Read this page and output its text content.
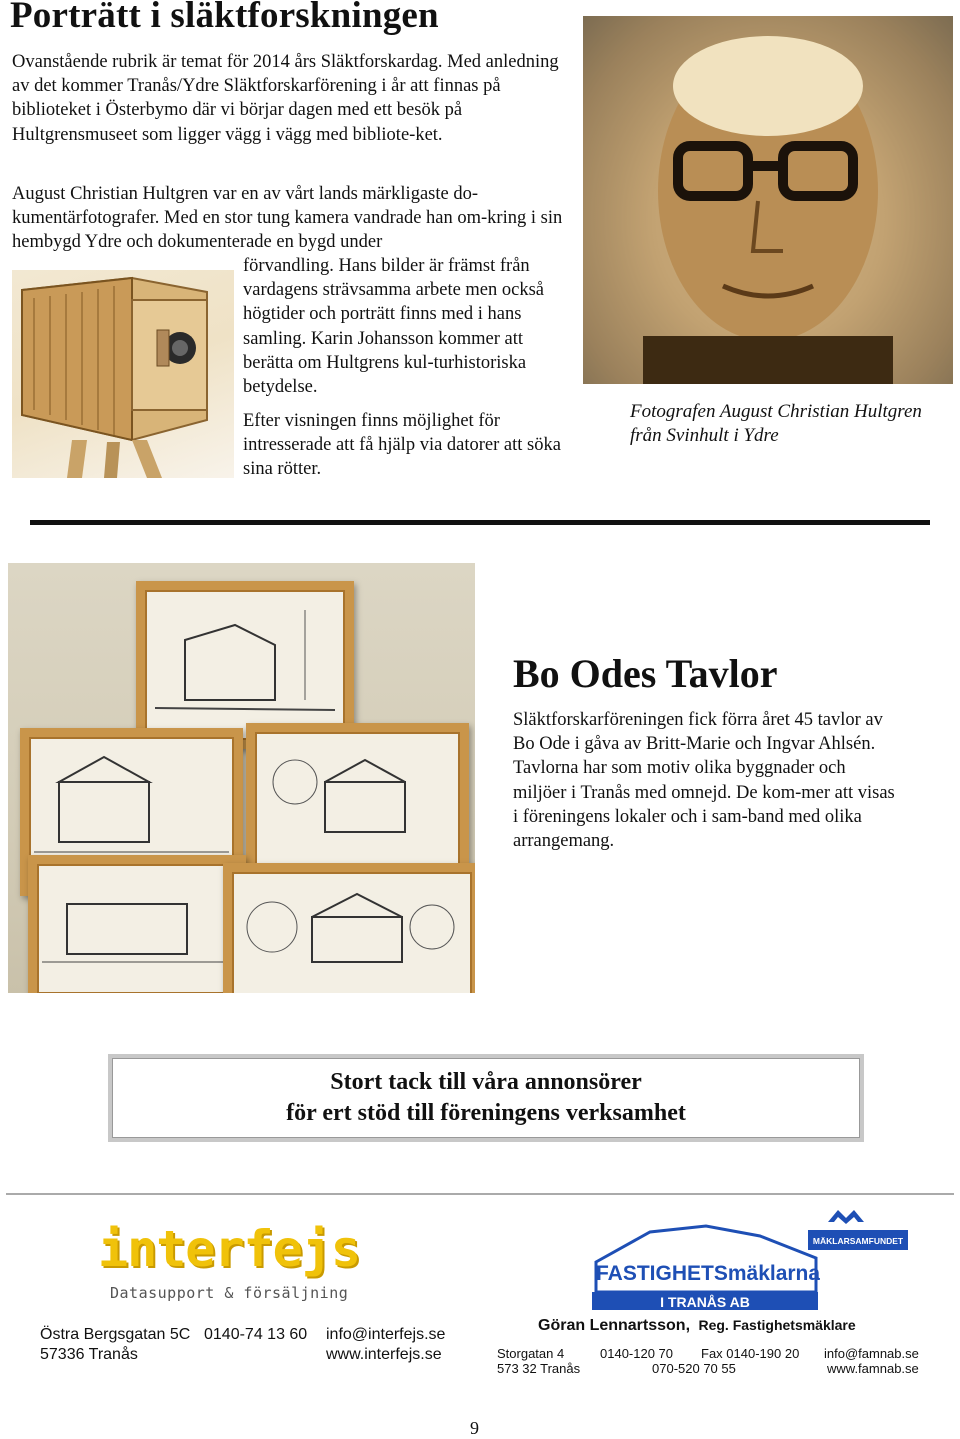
Porträtt i släktforskningen

Ovanstående rubrik är temat för 2014 års Släktforskardag. Med anledning av det kommer Tranås/Ydre Släktforskarförening i år att finnas på biblioteket i Österbymo där vi börjar dagen med ett besök på Hultgrensmuseet som ligger vägg i vägg med bibliote-ket.

August Christian Hultgren var en av vårt lands märkligaste do-kumentärfotografer. Med en stor tung kamera vandrade han om-kring i sin hembygd Ydre och dokumenterade en bygd under

förvandling. Hans bilder är främst från vardagens strävsamma arbete men också högtider och porträtt finns med i hans samling. Karin Johansson kommer att berätta om Hultgrens kul-turhistoriska betydelse.

Efter visningen finns möjlighet för intresserade att få hjälp via datorer att söka sina rötter.

Fotografen August Christian Hultgren från Svinhult i Ydre
Bo Odes Tavlor
Släktforskarföreningen fick förra året 45 tavlor av Bo Ode i gåva av Britt-Marie och Ingvar Ahlsén.
Tavlorna har som motiv olika byggnader och miljöer i Tranås med omnejd. De kom-mer att visas i föreningens lokaler och i sam-band med olika arrangemang.
Stort tack till våra annonsörer
för ert stöd till föreningens verksamhet
interfejs
Datasupport & försäljning
Östra Bergsgatan 5C
57336 Tranås
0140-74 13 60 info@interfejs.se
www.interfejs.se
FASTIGHETSmäklarna
I TRANÅS AB
MÄKLARSAMFUNDET
Göran Lennartsson, Reg. Fastighetsmäklare
Storgatan 4
573 32 Tranås
0140-120 70
070-520 70 55
Fax 0140-190 20 info@famnab.se
www.famnab.se
9
